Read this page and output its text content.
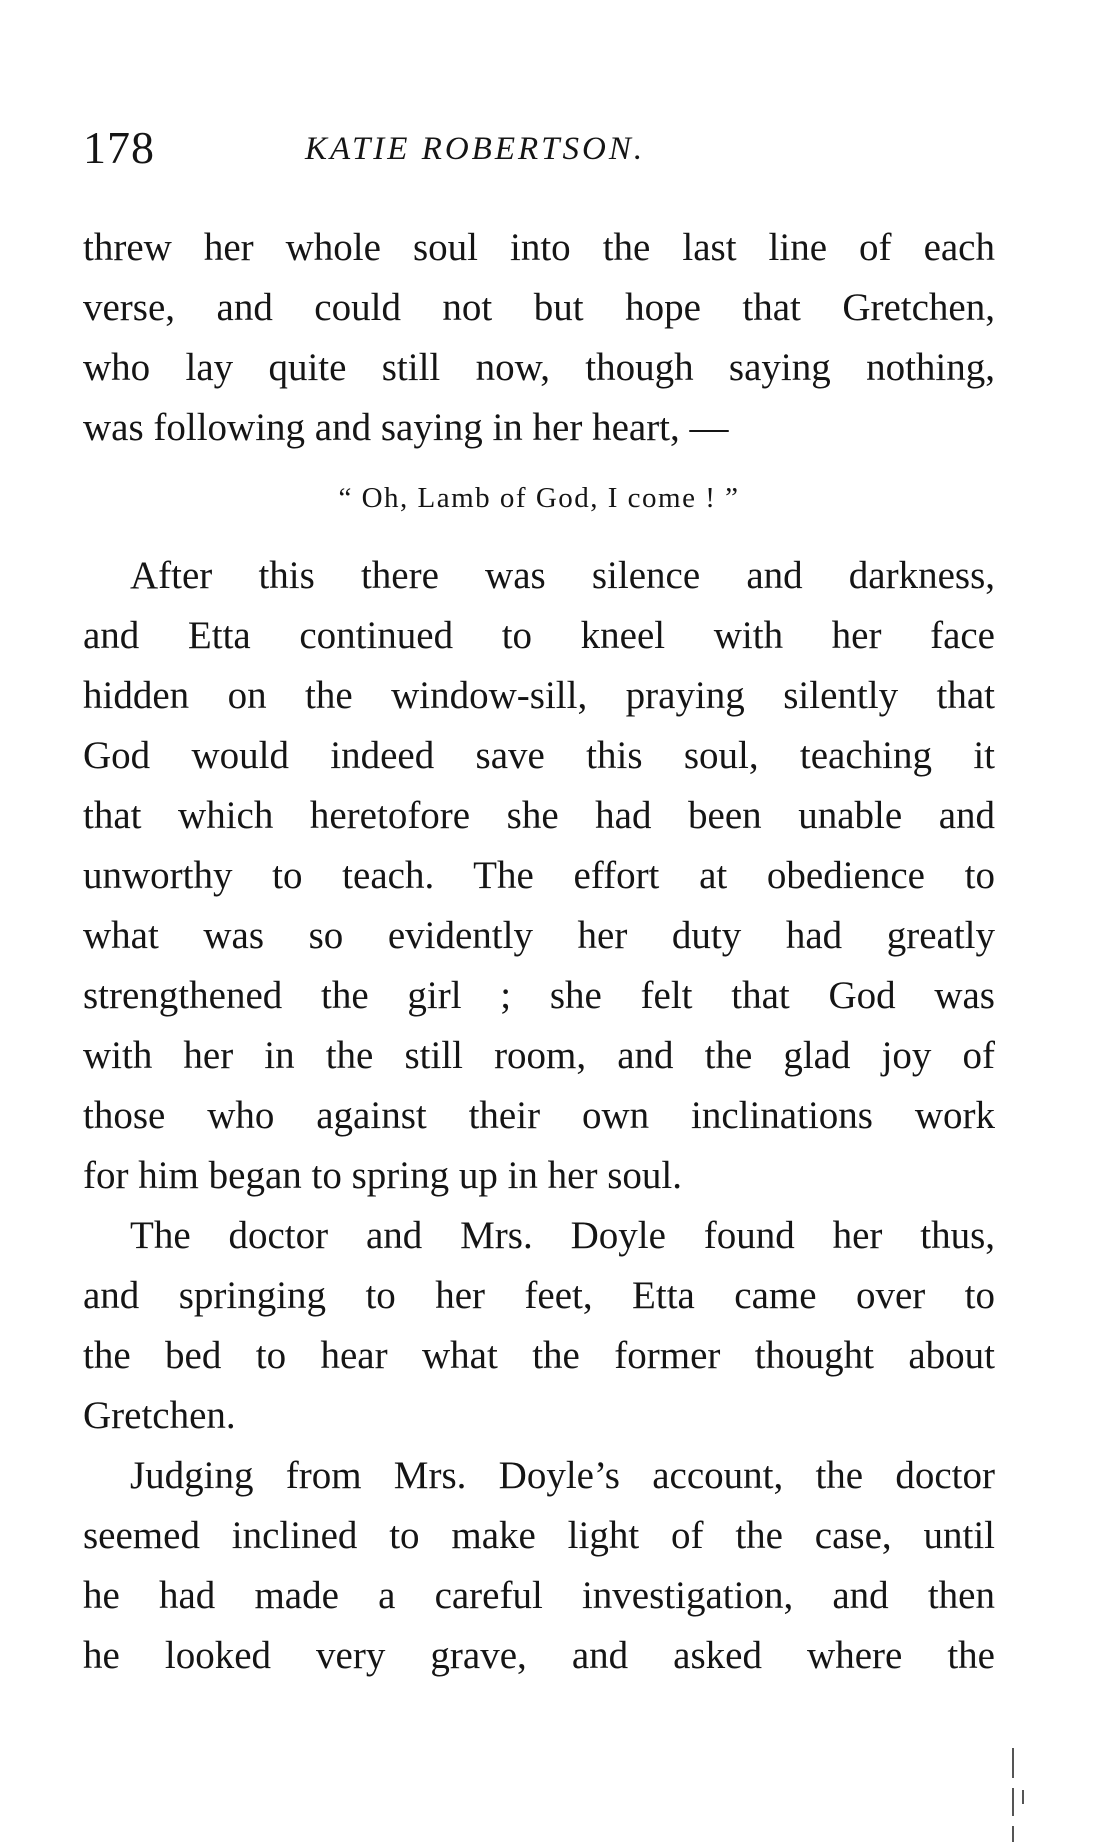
178	KATIE ROBERTSON.
threw her whole soul into the last line of each
verse, and could not but hope that Gretchen,
who lay quite still now, though saying nothing,
was following and saying in her heart, —
“ Oh, Lamb of God, I come ! ”
After this there was silence and darkness,
and Etta continued to kneel with her face
hidden on the window-sill, praying silently that
God would indeed save this soul, teaching it
that which heretofore she had been unable and
unworthy to teach. The effort at obedience to
what was so evidently her duty had greatly
strengthened the girl ; she felt that God was
with her in the still room, and the glad joy of
those who against their own inclinations work
for him began to spring up in her soul.
The doctor and Mrs. Doyle found her thus,
and springing to her feet, Etta came over to
the bed to hear what the former thought about
Gretchen.
Judging from Mrs. Doyle’s account, the doctor
seemed inclined to make light of the case, until
he had made a careful investigation, and then
he looked very grave, and asked where the
